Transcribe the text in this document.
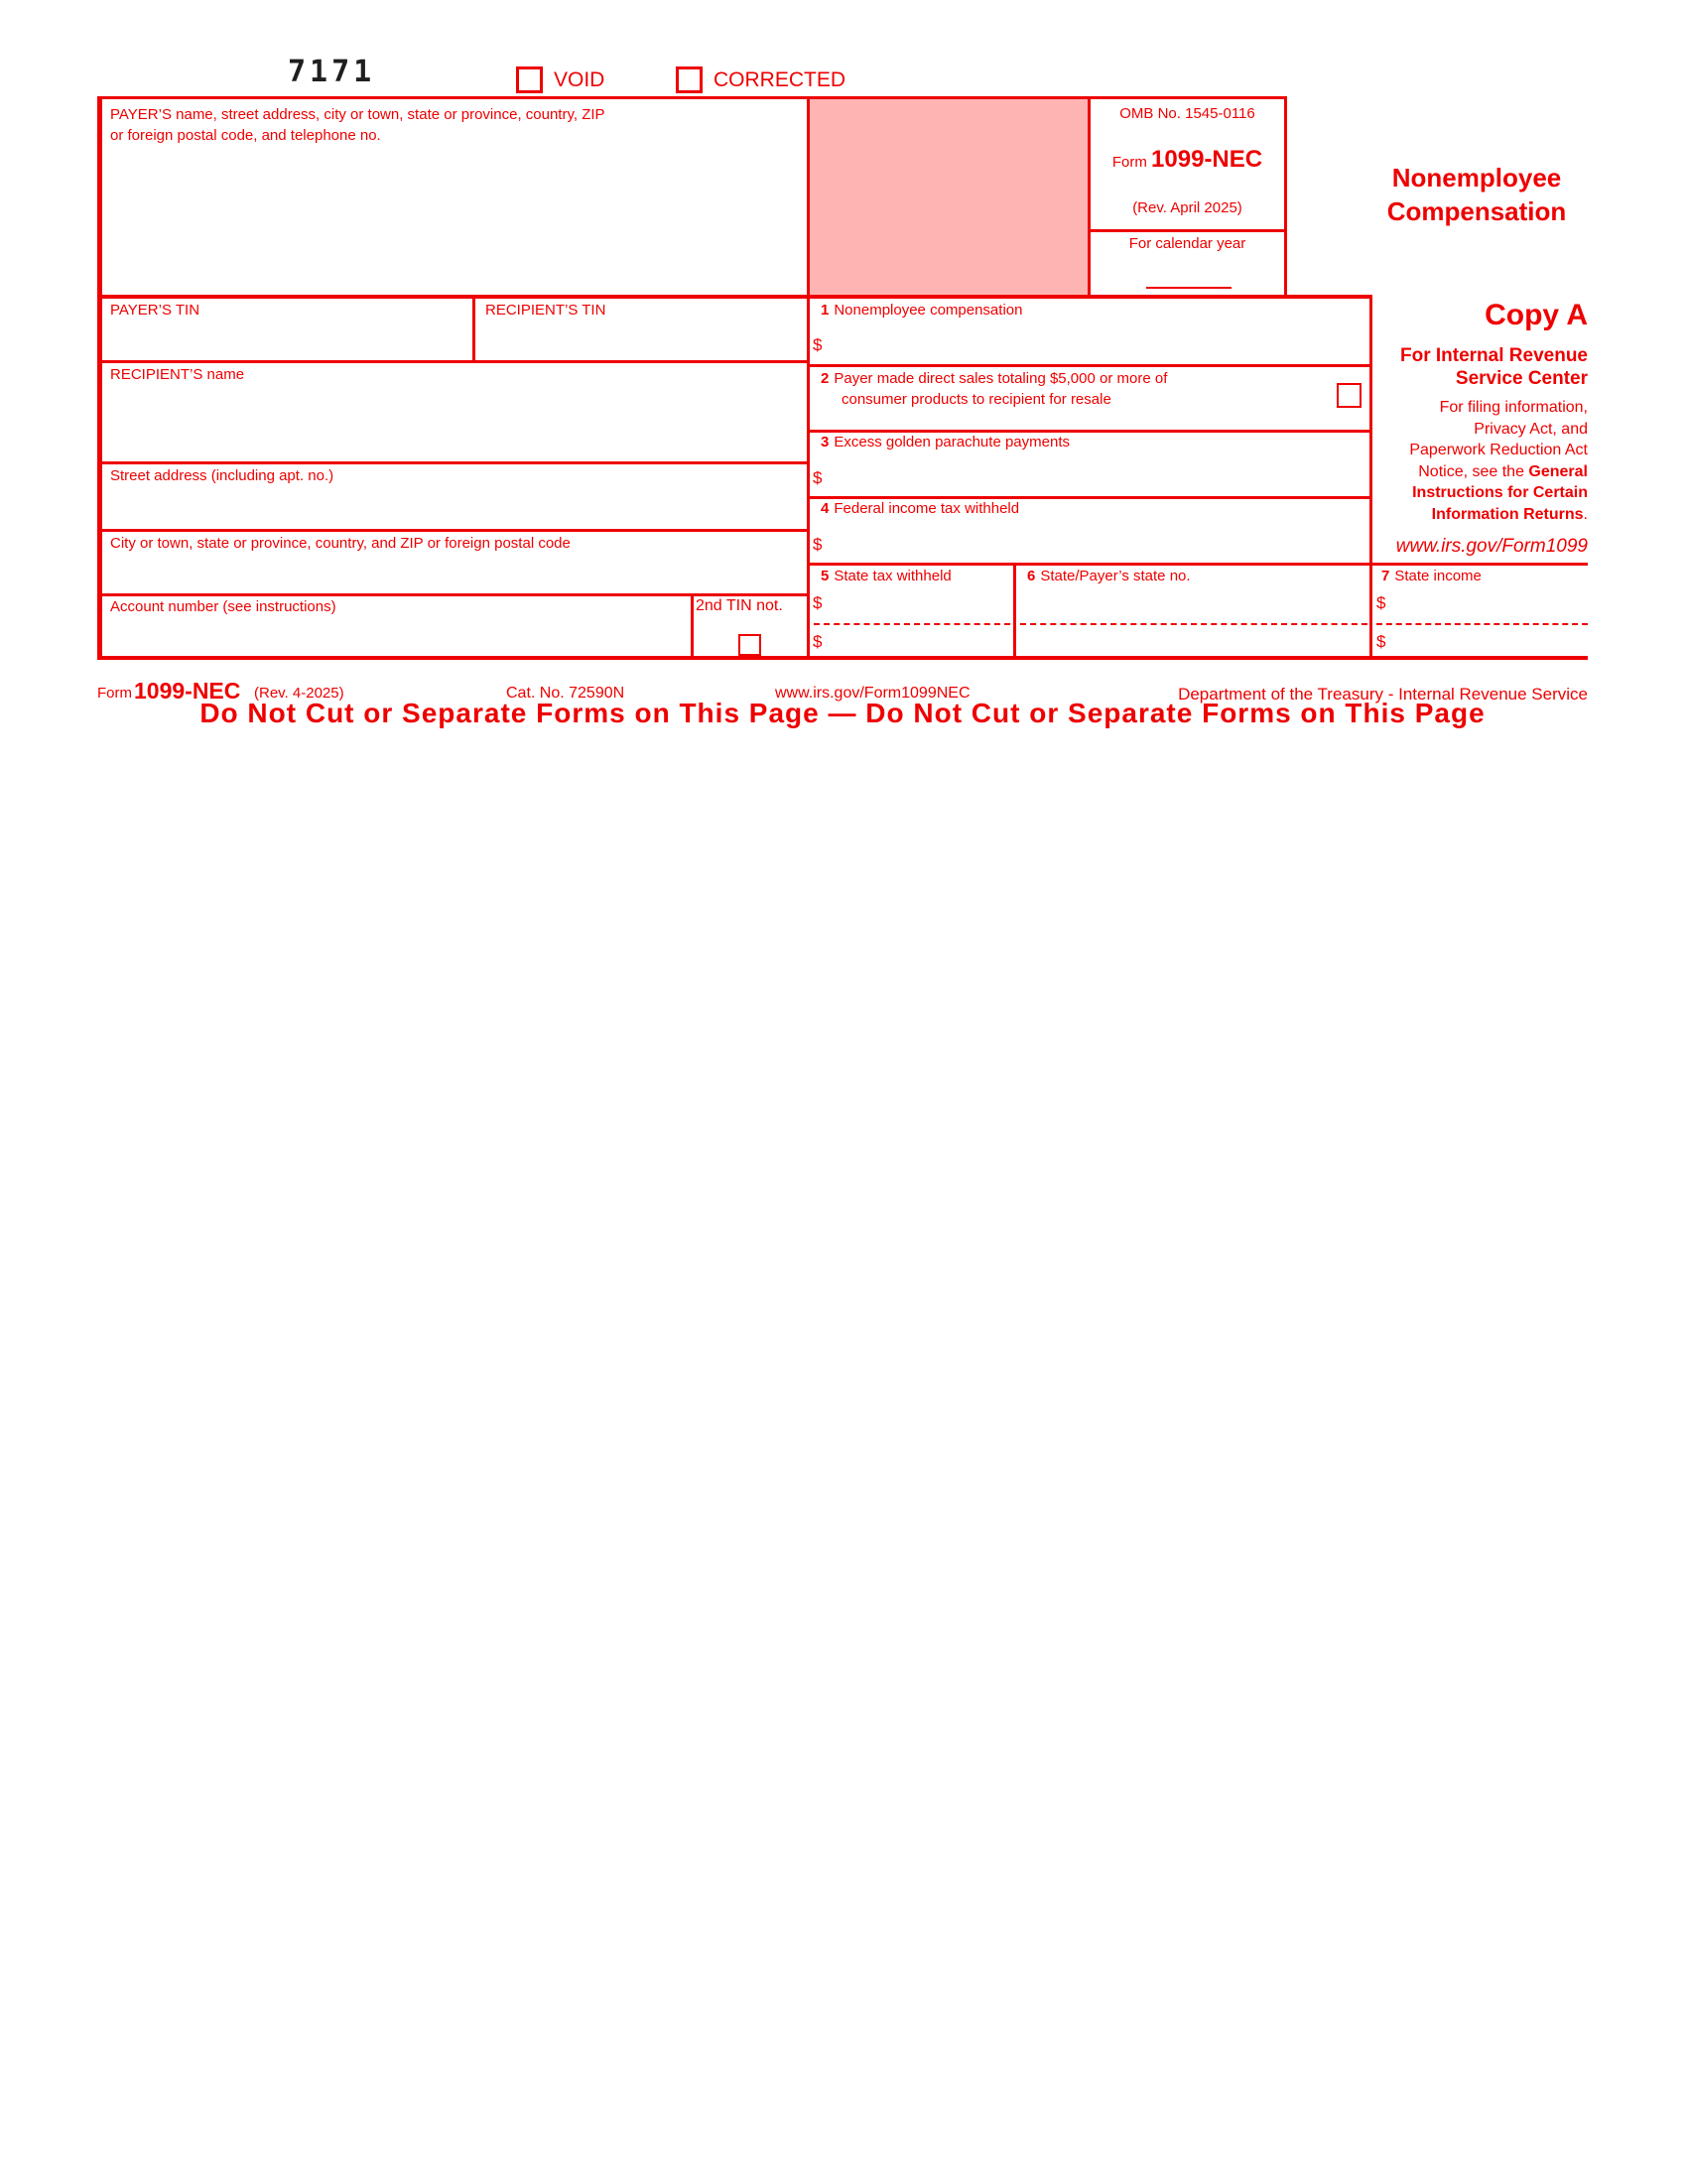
7171	VOID	CORRECTED
OMB No. 1545-0116
Form 1099-NEC
(Rev. April 2025)
For calendar year
Nonemployee
Compensation
PAYER’S name, street address, city or town, state or province, country, ZIP
or foreign postal code, and telephone no.
PAYER’S TIN	RECIPIENT’S TIN
RECIPIENT’S name
Street address (including apt. no.)
City or town, state or province, country, and ZIP or foreign postal code
Account number (see instructions)	2nd TIN not.
1 Nonemployee compensation
$
2 Payer made direct sales totaling $5,000 or more of
consumer products to recipient for resale
3 Excess golden parachute payments
$
4 Federal income tax withheld
$
5 State tax withheld
$
$
6 State/Payer’s state no.	7 State income
$
$
Copy A
For Internal Revenue
Service Center
For filing information,
Privacy Act, and
Paperwork Reduction Act
Notice, see the General
Instructions for Certain
Information Returns.
www.irs.gov/Form1099
Form 1099-NEC (Rev. 4-2025)	Cat. No. 72590N	www.irs.gov/Form1099NEC	Department of the Treasury - Internal Revenue Service
Do Not Cut or Separate Forms on This Page — Do Not Cut or Separate Forms on This Page
